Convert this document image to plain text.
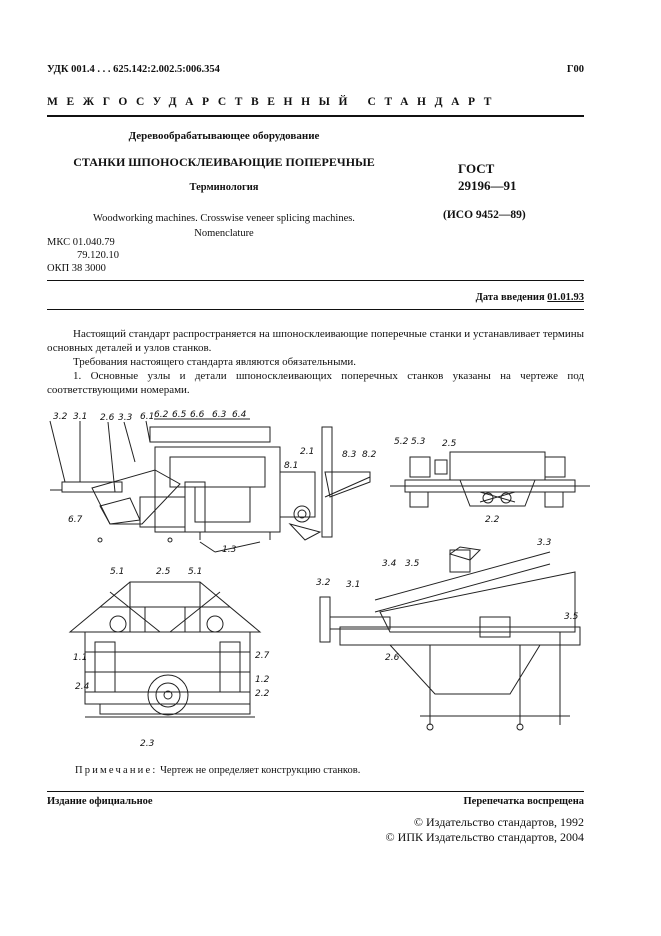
УДК 001.4 . . . 625.142:2.002.5:006.354	Г00
МЕЖГОСУДАРСТВЕННЫЙ СТАНДАРТ
Деревообрабатывающее оборудование
СТАНКИ ШПОНОСКЛЕИВАЮЩИЕ ПОПЕРЕЧНЫЕ
Терминология
Woodworking machines. Crosswise veneer splicing machines.
Nomenclature
ГОСТ
29196—91
(ИСО 9452—89)
МКС 01.040.79
79.120.10
ОКП 38 3000
Дата введения 01.01.93

Настоящий стандарт распространяется на шпоносклеивающие поперечные станки и устанавливает термины основных деталей и узлов станков.

Требования настоящего стандарта являются обязательными.

1. Основные узлы и детали шпоносклеивающих поперечных станков указаны на чертеже под соответствующими номерами.

3.2 3.1 2.6 3.3 6.1 6.2 6.5 6.6 6.3 6.4
2.1
8.1
8.3 8.2
6.7
1.3
5.2 5.3 2.5
2.2
5.1	2.5 5.1
1.1	2.7
2.4
1.2
2.2
2.3
3.3
3.4 3.5
3.2 3.1
3.5
2.6
Примечание: Чертеж не определяет конструкцию станков.
Издание официальное	Перепечатка воспрещена
© Издательство стандартов, 1992
© ИПК Издательство стандартов, 2004
